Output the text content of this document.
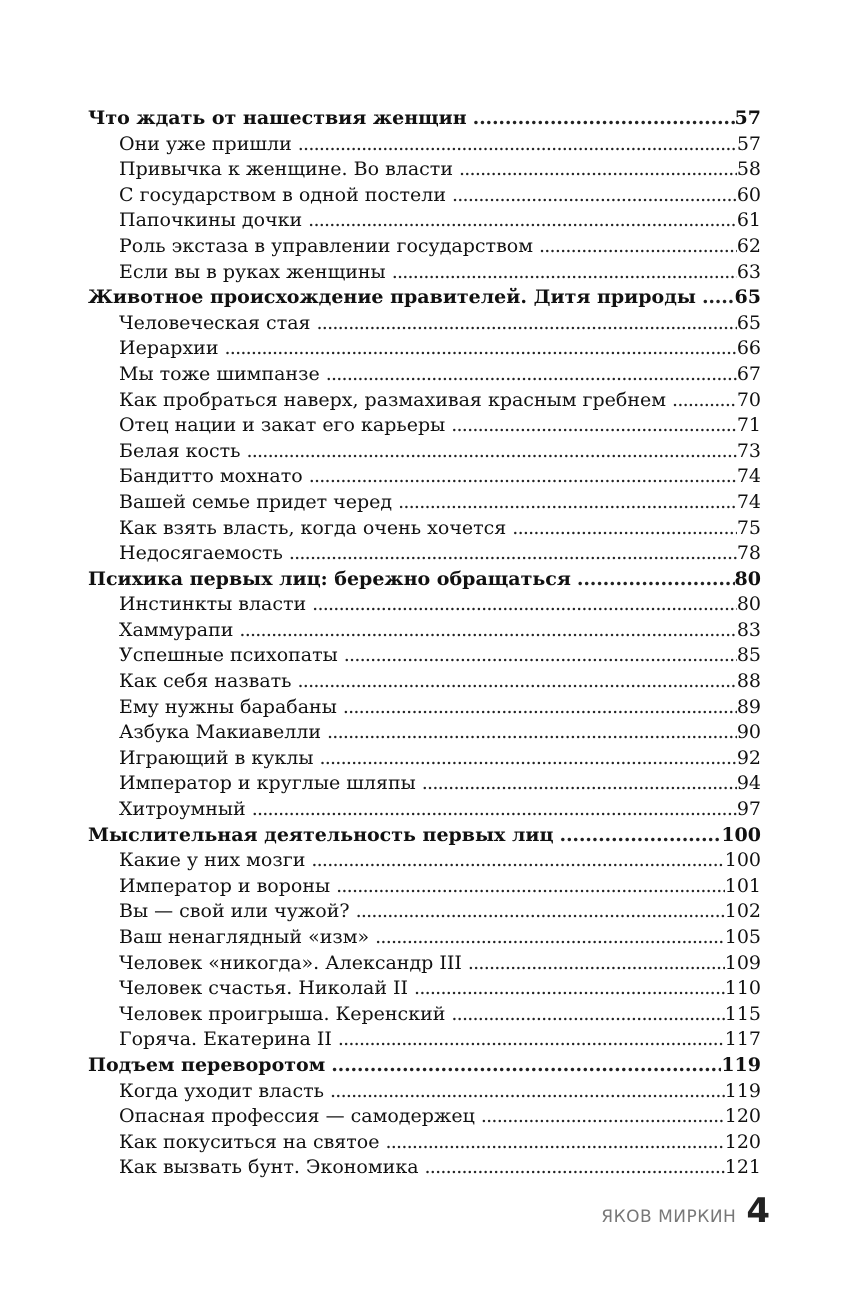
Что ждать от нашествия женщин . . .	57
Они уже пришли . . .	57
Привычка к женщине. Во власти . . .	58
С государством в одной постели . . .	60
Папочкины дочки . . .	61
Роль экстаза в управлении государством . . .	62
Если вы в руках женщины . . .	63
Животное происхождение правителей. Дитя природы . . .	65
Человеческая стая . . .	65
Иерархии . . .	66
Мы тоже шимпанзе . . .	67
Как пробраться наверх, размахивая красным гребнем . . .	70
Отец нации и закат его карьеры . . .	71
Белая кость . . .	73
Бандитто мохнато . . .	74
Вашей семье придет черед . . .	74
Как взять власть, когда очень хочется . . .	75
Недосягаемость . . .	78
Психика первых лиц: бережно обращаться . . .	80
Инстинкты власти . . .	80
Хаммурапи . . .	83
Успешные психопаты . . .	85
Как себя назвать . . .	88
Ему нужны барабаны . . .	89
Азбука Макиавелли . . .	90
Играющий в куклы . . .	92
Император и круглые шляпы . . .	94
Хитроумный . . .	97
Мыслительная деятельность первых лиц . . .	100
Какие у них мозги . . .	100
Император и вороны . . .	101
Вы — свой или чужой? . . .	102
Ваш ненаглядный «изм» . . .	105
Человек «никогда». Александр III . . .	109
Человек счастья. Николай II . . .	110
Человек проигрыша. Керенский . . .	115
Горяча. Екатерина II . . .	117
Подъем переворотом . . .	119
Когда уходит власть . . .	119
Опасная профессия — самодержец . . .	120
Как покуситься на святое . . .	120
Как вызвать бунт. Экономика . . .	121
ЯКОВ МИРКИН 4
